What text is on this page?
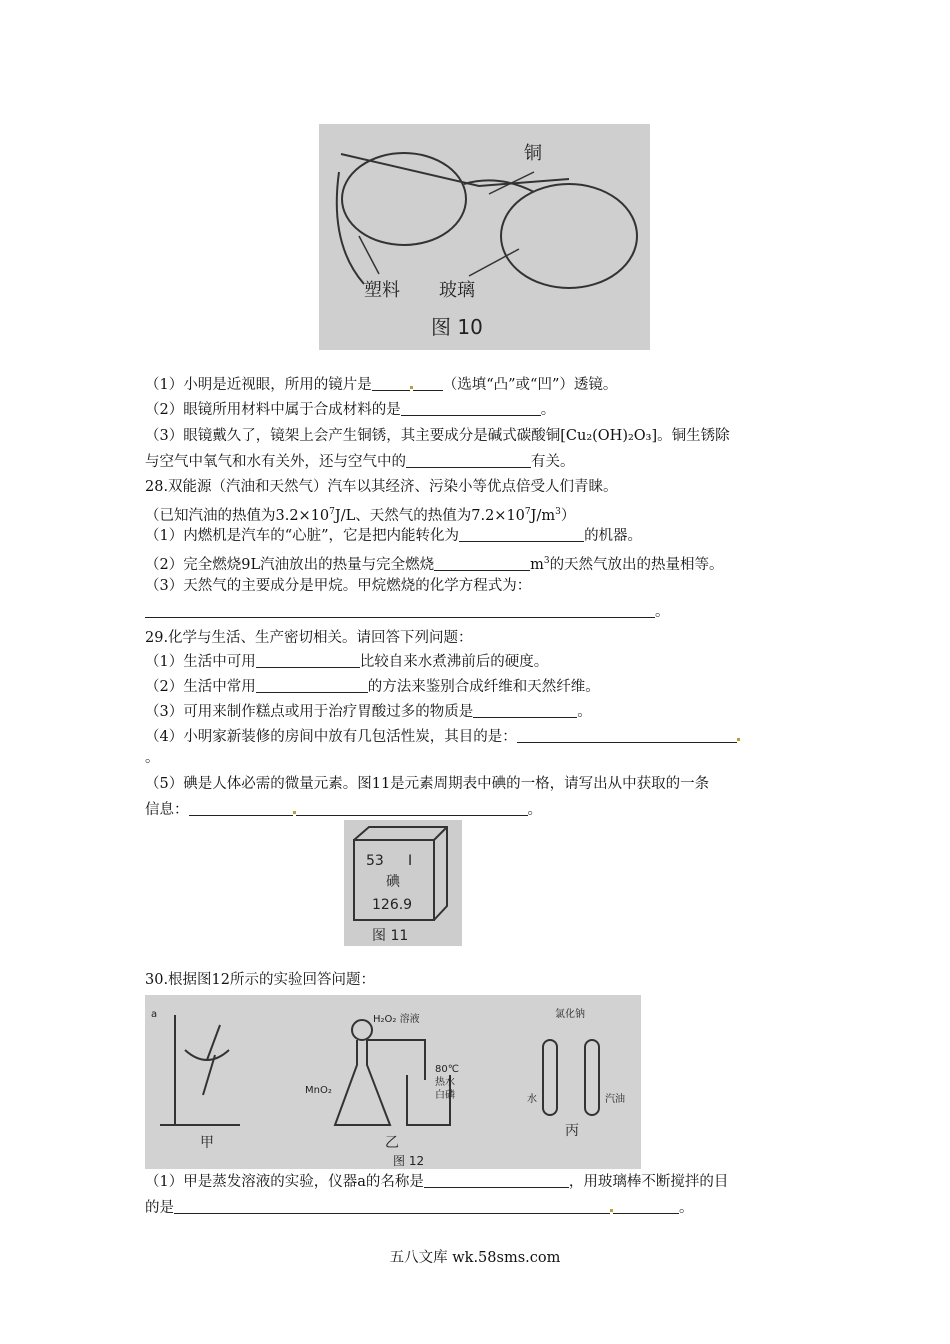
铜
塑料 玻璃
图 10
（1）小明是近视眼，所用的镜片是	（选填“凸”或“凹”）透镜。
（2）眼镜所用材料中属于合成材料的是	。
（3）眼镜戴久了，镜架上会产生铜锈，其主要成分是碱式碳酸铜[Cu₂(OH)₂O₃]。铜生锈除
与空气中氧气和水有关外，还与空气中的	有关。
28.双能源（汽油和天然气）汽车以其经济、污染小等优点倍受人们青睐。
（已知汽油的热值为$3.2\times 10^7J/L$、天然气的热值为$7.2\times 10^7J/m^3$）
（1）内燃机是汽车的“心脏”，它是把内能转化为	的机器。
（2）完全燃烧9L汽油放出的热量与完全燃烧	$m^3$的天然气放出的热量相等。
（3）天然气的主要成分是甲烷。甲烷燃烧的化学方程式为：
。
29.化学与生活、生产密切相关。请回答下列问题：
（1）生活中可用	比较自来水煮沸前后的硬度。
（2）生活中常用	的方法来鉴别合成纤维和天然纤维。
（3）可用来制作糕点或用于治疗胃酸过多的物质是	。
（4）小明家新装修的房间中放有几包活性炭，其目的是：
。
（5）碘是人体必需的微量元素。图11是元素周期表中碘的一格，请写出从中获取的一条
信息：	。
53 I
碘
126.9
图 11
30.根据图12所示的实验回答问题：
a	H₂O₂ 溶液
MnO₂
80℃
热水
白磷
氯化钠
水	汽油
甲	乙
丙
图 12
（1）甲是蒸发溶液的实验，仪器a的名称是	，用玻璃棒不断搅拌的目
的是	。
五八文库 wk.58sms.com
